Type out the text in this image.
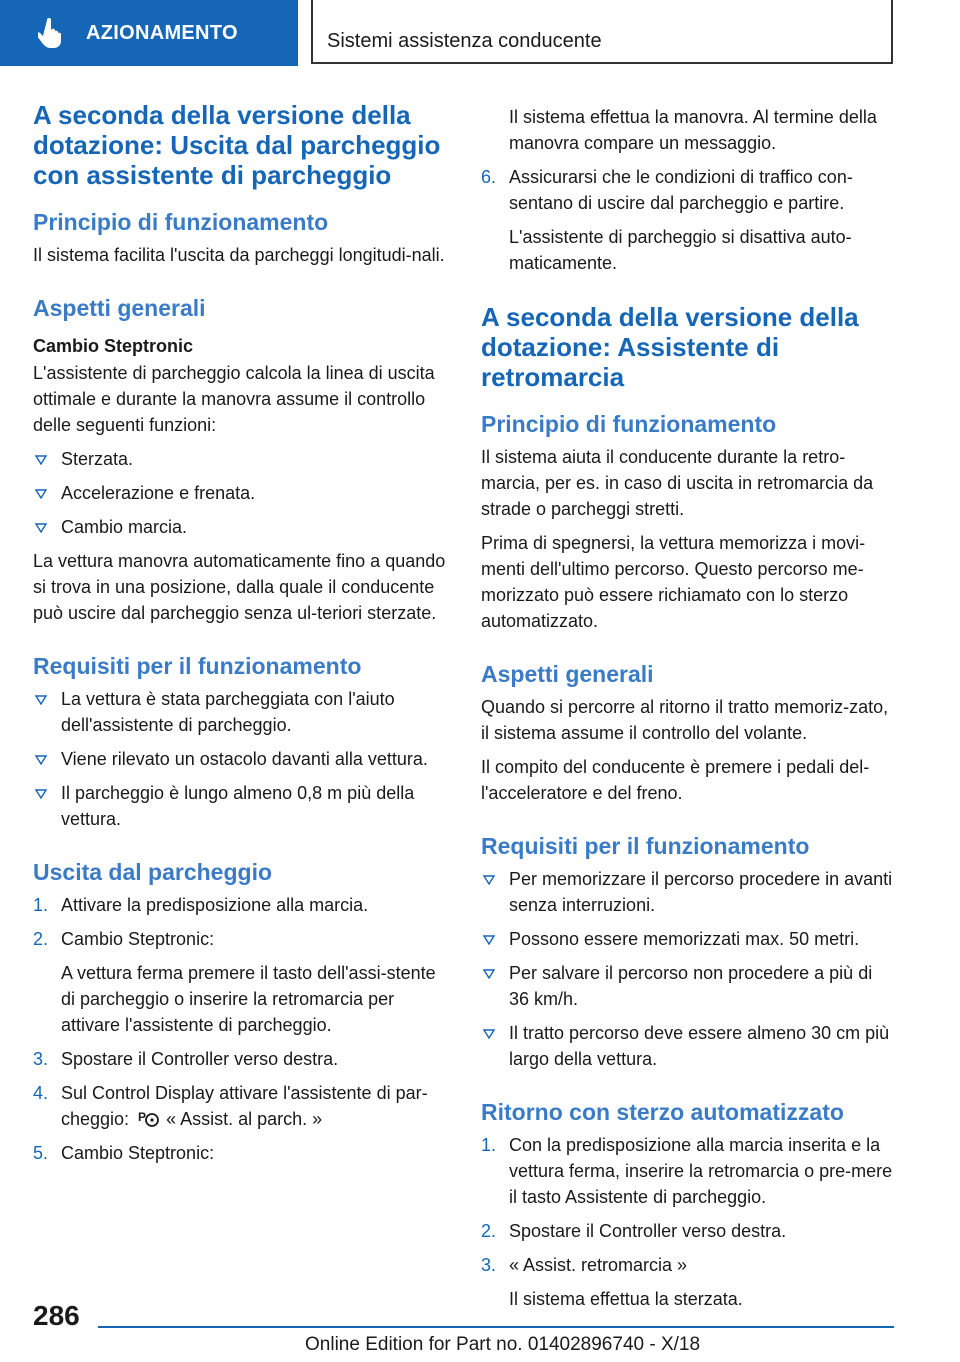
AZIONAMENTO	Sistemi assistenza conducente
A seconda della versione della dotazione: Uscita dal parcheggio con assistente di parcheggio
Principio di funzionamento
Il sistema facilita l'uscita da parcheggi longitudi-nali.
Aspetti generali
Cambio Steptronic
L'assistente di parcheggio calcola la linea di uscita ottimale e durante la manovra assume il controllo delle seguenti funzioni:
Sterzata.
Accelerazione e frenata.
Cambio marcia.
La vettura manovra automaticamente fino a quando si trova in una posizione, dalla quale il conducente può uscire dal parcheggio senza ul-teriori sterzate.
Requisiti per il funzionamento
La vettura è stata parcheggiata con l'aiuto dell'assistente di parcheggio.
Viene rilevato un ostacolo davanti alla vettura.
Il parcheggio è lungo almeno 0,8 m più della vettura.
Uscita dal parcheggio
1. Attivare la predisposizione alla marcia.
2. Cambio Steptronic:
A vettura ferma premere il tasto dell'assi-stente di parcheggio o inserire la retromarcia per attivare l'assistente di parcheggio.
3. Spostare il Controller verso destra.
4. Sul Control Display attivare l'assistente di par-cheggio: P « Assist. al parch. »
5. Cambio Steptronic:
Il sistema effettua la manovra. Al termine della manovra compare un messaggio.
6. Assicurarsi che le condizioni di traffico con-sentano di uscire dal parcheggio e partire.
L'assistente di parcheggio si disattiva auto-maticamente.
A seconda della versione della dotazione: Assistente di retromarcia
Principio di funzionamento
Il sistema aiuta il conducente durante la retro-marcia, per es. in caso di uscita in retromarcia da strade o parcheggi stretti.
Prima di spegnersi, la vettura memorizza i movi-menti dell'ultimo percorso. Questo percorso me-morizzato può essere richiamato con lo sterzo automatizzato.
Aspetti generali
Quando si percorre al ritorno il tratto memoriz-zato, il sistema assume il controllo del volante.
Il compito del conducente è premere i pedali del-l'acceleratore e del freno.
Requisiti per il funzionamento
Per memorizzare il percorso procedere in avanti senza interruzioni.
Possono essere memorizzati max. 50 metri.
Per salvare il percorso non procedere a più di 36 km/h.
Il tratto percorso deve essere almeno 30 cm più largo della vettura.
Ritorno con sterzo automatizzato
1. Con la predisposizione alla marcia inserita e la vettura ferma, inserire la retromarcia o pre-mere il tasto Assistente di parcheggio.
2. Spostare il Controller verso destra.
3. « Assist. retromarcia »
Il sistema effettua la sterzata.
286
Online Edition for Part no. 01402896740 - X/18
